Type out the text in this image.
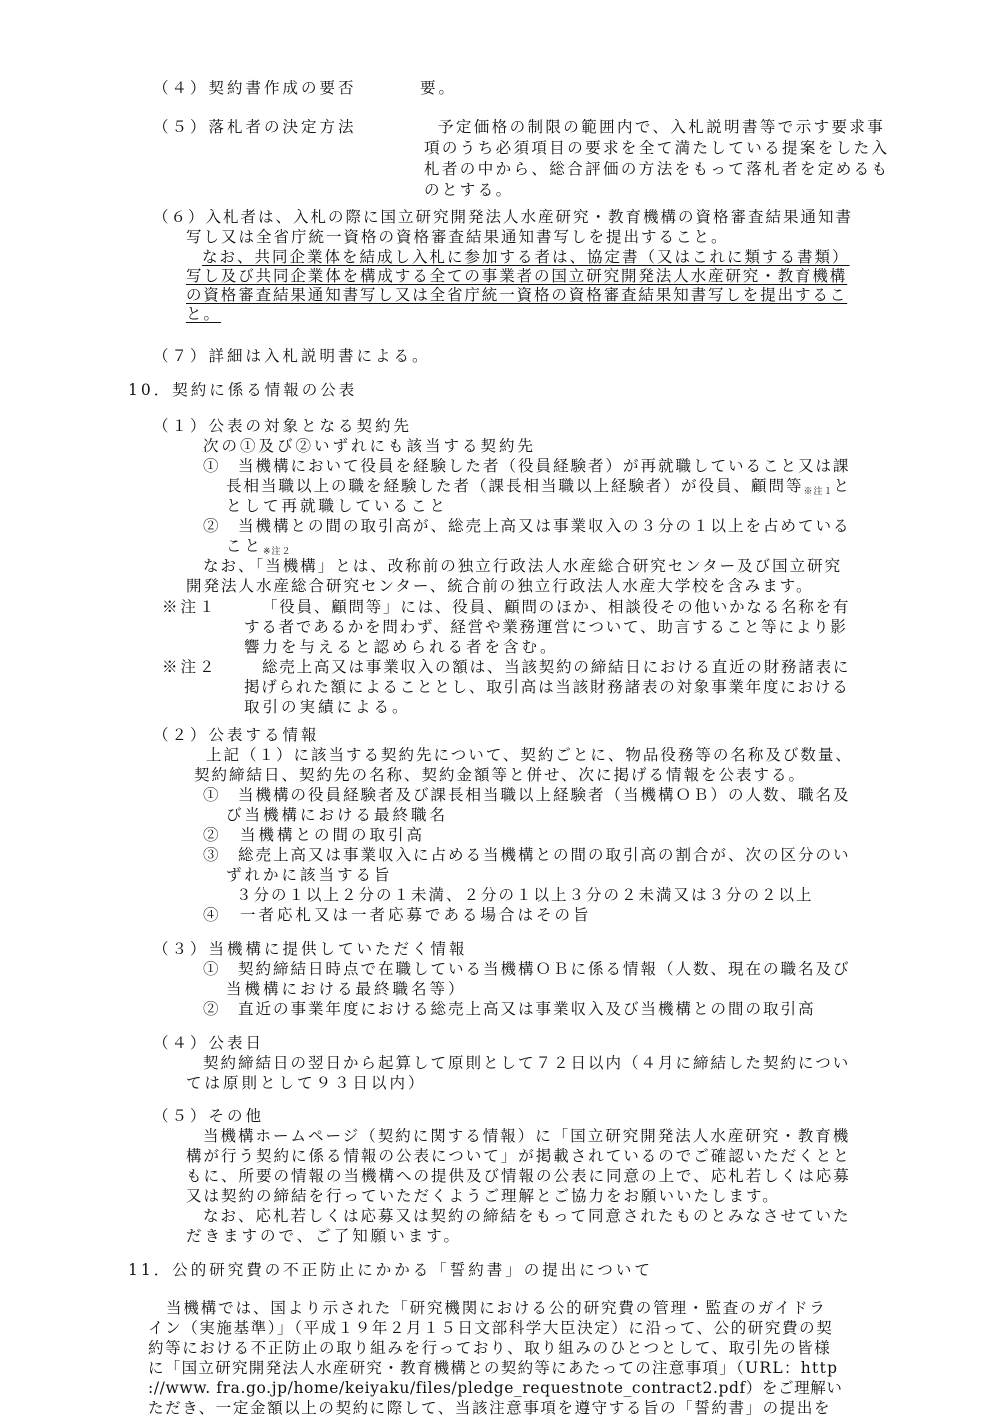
（４）契約書作成の要否	要。
（５）落札者の決定方法	予定価格の制限の範囲内で、入札説明書等で示す要求事
項のうち必須項目の要求を全て満たしている提案をした入
札者の中から、総合評価の方法をもって落札者を定めるも
のとする。
（６）入札者は、入札の際に国立研究開発法人水産研究・教育機構の資格審査結果通知書
写し又は全省庁統一資格の資格審査結果通知書写しを提出すること。
なお、共同企業体を結成し入札に参加する者は、協定書（又はこれに類する書類）
写し及び共同企業体を構成する全ての事業者の国立研究開発法人水産研究・教育機構
の資格審査結果通知書写し又は全省庁統一資格の資格審査結果知書写しを提出するこ
と。
（７）詳細は入札説明書による。
10．契約に係る情報の公表
（１）公表の対象となる契約先
次の①及び②いずれにも該当する契約先
①　当機構において役員を経験した者（役員経験者）が再就職していること又は課
長相当職以上の職を経験した者（課長相当職以上経験者）が役員、顧問等※注１と
として再就職していること
②　当機構との間の取引高が、総売上高又は事業収入の３分の１以上を占めている
こと※注２
なお、「当機構」とは、改称前の独立行政法人水産総合研究センター及び国立研究
開発法人水産総合研究センター、統合前の独立行政法人水産大学校を含みます。
※注１	「役員、顧問等」には、役員、顧問のほか、相談役その他いかなる名称を有
する者であるかを問わず、経営や業務運営について、助言すること等により影
響力を与えると認められる者を含む。
※注２	総売上高又は事業収入の額は、当該契約の締結日における直近の財務諸表に
掲げられた額によることとし、取引高は当該財務諸表の対象事業年度における
取引の実績による。
（２）公表する情報
上記（１）に該当する契約先について、契約ごとに、物品役務等の名称及び数量、
契約締結日、契約先の名称、契約金額等と併せ、次に掲げる情報を公表する。
①　当機構の役員経験者及び課長相当職以上経験者（当機構ＯＢ）の人数、職名及
び当機構における最終職名
②　当機構との間の取引高
③　総売上高又は事業収入に占める当機構との間の取引高の割合が、次の区分のい
ずれかに該当する旨
３分の１以上２分の１未満、２分の１以上３分の２未満又は３分の２以上
④　一者応札又は一者応募である場合はその旨
（３）当機構に提供していただく情報
①　契約締結日時点で在職している当機構ＯＢに係る情報（人数、現在の職名及び
当機構における最終職名等）
②　直近の事業年度における総売上高又は事業収入及び当機構との間の取引高
（４）公表日
契約締結日の翌日から起算して原則として７２日以内（４月に締結した契約につい
ては原則として９３日以内）
（５）その他
当機構ホームページ（契約に関する情報）に「国立研究開発法人水産研究・教育機
構が行う契約に係る情報の公表について」が掲載されているのでご確認いただくとと
もに、所要の情報の当機構への提供及び情報の公表に同意の上で、応札若しくは応募
又は契約の締結を行っていただくようご理解とご協力をお願いいたします。
なお、応札若しくは応募又は契約の締結をもって同意されたものとみなさせていた
だきますので、ご了知願います。
11．公的研究費の不正防止にかかる「誓約書」の提出について
当機構では、国より示された「研究機関における公的研究費の管理・監査のガイドラ
イン（実施基準）」（平成１９年２月１５日文部科学大臣決定）に沿って、公的研究費の契
約等における不正防止の取り組みを行っており、取り組みのひとつとして、取引先の皆様
に「国立研究開発法人水産研究・教育機構との契約等にあたっての注意事項」（URL：http
://www. fra.go.jp/home/keiyaku/files/pledge_requestnote_contract2.pdf）をご理解い
ただき、一定金額以上の契約に際して、当該注意事項を遵守する旨の「誓約書」の提出を
